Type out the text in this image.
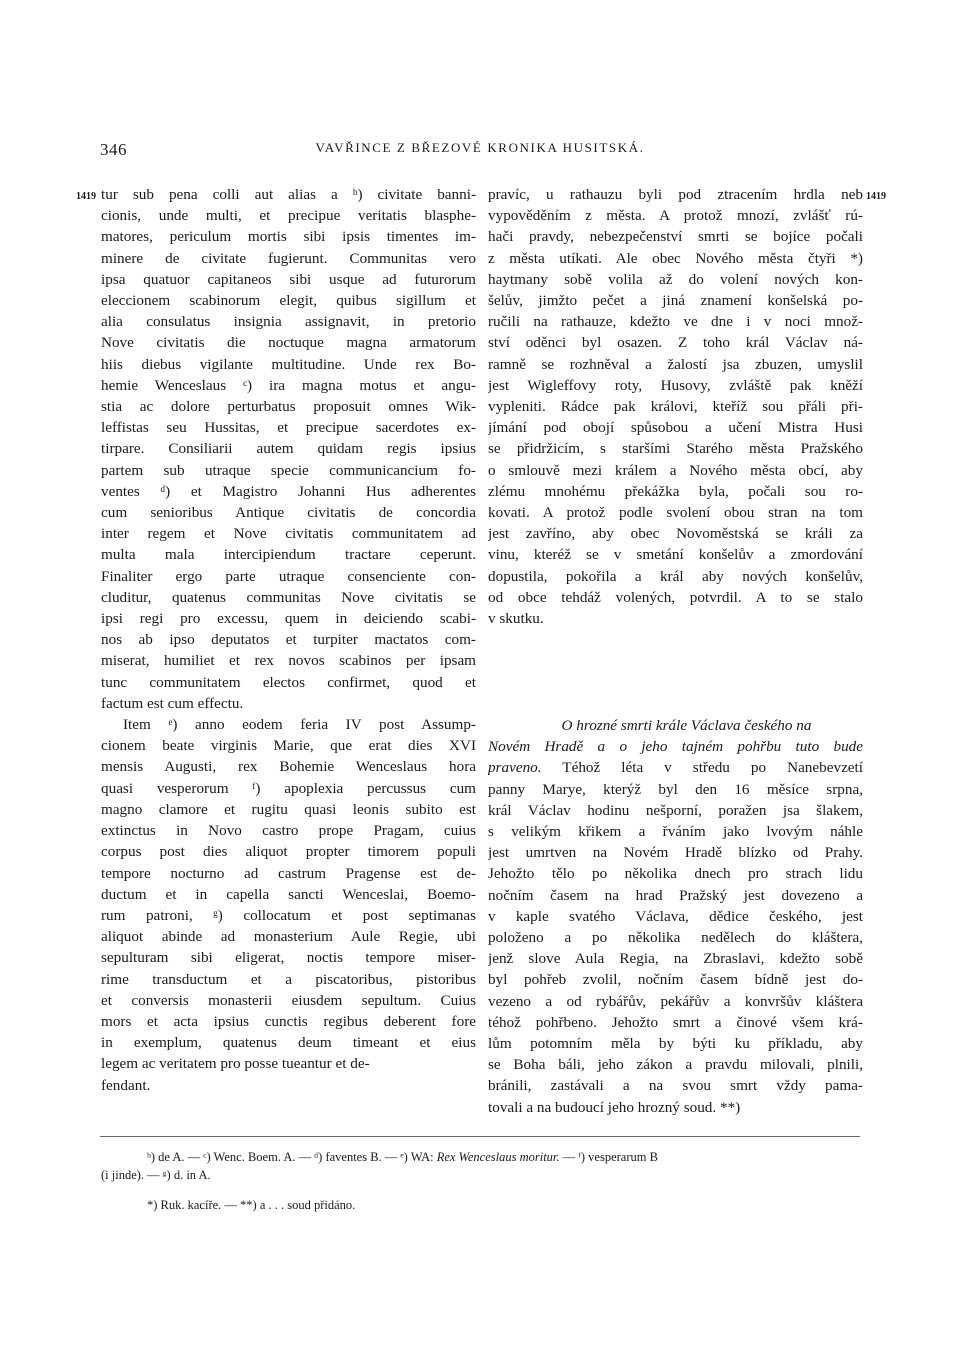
346	VAVŘINCE Z BŘEZOVÉ KRONIKA HUSITSKÁ.
1419	1419
tur sub pena colli aut alias a ᵇ) civitate banni-
cionis, unde multi, et precipue veritatis blasphe-
matores, periculum mortis sibi ipsis timentes im-
minere de civitate fugierunt. Communitas vero
ipsa quatuor capitaneos sibi usque ad futurorum
eleccionem scabinorum elegit, quibus sigillum et
alia consulatus insignia assignavit, in pretorio
Nove civitatis die noctuque magna armatorum
hiis diebus vigilante multitudine. Unde rex Bo-
hemie Wenceslaus ᶜ) ira magna motus et angu-
stia ac dolore perturbatus proposuit omnes Wik-
leffistas seu Hussitas, et precipue sacerdotes ex-
tirpare. Consiliarii autem quidam regis ipsius
partem sub utraque specie communicancium fo-
ventes ᵈ) et Magistro Johanni Hus adherentes
cum senioribus Antique civitatis de concordia
inter regem et Nove civitatis communitatem ad
multa mala intercipiendum tractare ceperunt.
Finaliter ergo parte utraque consenciente con-
cluditur, quatenus communitas Nove civitatis se
ipsi regi pro excessu, quem in deiciendo scabi-
nos ab ipso deputatos et turpiter mactatos com-
miserat, humiliet et rex novos scabinos per ipsam
tunc communitatem electos confirmet, quod et
factum est cum effectu.
Item ᵉ) anno eodem feria IV post Assump-
cionem beate virginis Marie, que erat dies XVI
mensis Augusti, rex Bohemie Wenceslaus hora
quasi vesperorum ᶠ) apoplexia percussus cum
magno clamore et rugitu quasi leonis subito est
extinctus in Novo castro prope Pragam, cuius
corpus post dies aliquot propter timorem populi
tempore nocturno ad castrum Pragense est de-
ductum et in capella sancti Wenceslai, Boemo-
rum patroni, ᵍ) collocatum et post septimanas
aliquot abinde ad monasterium Aule Regie, ubi
sepulturam sibi eligerat, noctis tempore miser-
rime transductum et a piscatoribus, pistoribus
et conversis monasterii eiusdem sepultum. Cuius
mors et acta ipsius cunctis regibus deberent fore
in exemplum, quatenus deum timeant et eius
legem ac veritatem pro posse tueantur et de-
fendant.
pravíc, u rathauzu byli pod ztracením hrdla neb
vypověděním z města. A protož mnozí, zvlášť rú-
hači pravdy, nebezpečenství smrti se bojíce počali
z města utíkati. Ale obec Nového města čtyři *)
haytmany sobě volila až do volení nových kon-
šelův, jimžto pečet a jiná znamení konšelská po-
ručili na rathauze, kdežto ve dne i v noci množ-
ství oděnci byl osazen. Z toho král Václav ná-
ramně se rozhněval a žalostí jsa zbuzen, umyslil
jest Wigleffovy roty, Husovy, zvláště pak kněží
vypleniti. Rádce pak královi, kteříž sou přáli při-
jímání pod obojí spůsobou a učení Mistra Husi
se přidržicím, s staršími Starého města Pražského
o smlouvě mezi králem a Nového města obcí, aby
zlému mnohému překážka byla, počali sou ro-
kovati. A protož podle svolení obou stran na tom
jest zavříno, aby obec Novoměstská se králi za
vinu, kteréž se v smetání konšelův a zmordování
dopustila, pokořila a král aby nových konšelův,
od obce tehdáž volených, potvrdil. A to se stalo
v skutku.
O hrozné smrti krále Václava českého na
Novém Hradě a o jeho tajném pohřbu tuto bude
praveno. Téhož léta v středu po Nanebevzetí
panny Marye, kterýž byl den 16 měsíce srpna,
král Václav hodinu nešporní, poražen jsa šlakem,
s velikým křikem a řváním jako lvovým náhle
jest umrtven na Novém Hradě blízko od Prahy.
Jehožto tělo po několika dnech pro strach lidu
nočním časem na hrad Pražský jest dovezeno a
v kaple svatého Václava, dědice českého, jest
položeno a po několika nedělech do kláštera,
jenž slove Aula Regia, na Zbraslavi, kdežto sobě
byl pohřeb zvolil, nočním časem bídně jest do-
vezeno a od rybářův, pekářův a konvršův kláštera
téhož pohřbeno. Jehožto smrt a činové všem krá-
lům potomním měla by býti ku příkladu, aby
se Boha báli, jeho zákon a pravdu milovali, plnili,
bránili, zastávali a na svou smrt vždy pama-
tovali a na budoucí jeho hrozný soud. **)
ᵇ) de A. — ᶜ) Wenc. Boem. A. — ᵈ) faventes B. — ᵉ) WA: Rex Wenceslaus moritur. — ᶠ) vesperarum B
(i jinde). — ᵍ) d. in A.
*) Ruk. kacíře. — **) a . . . soud přidáno.
